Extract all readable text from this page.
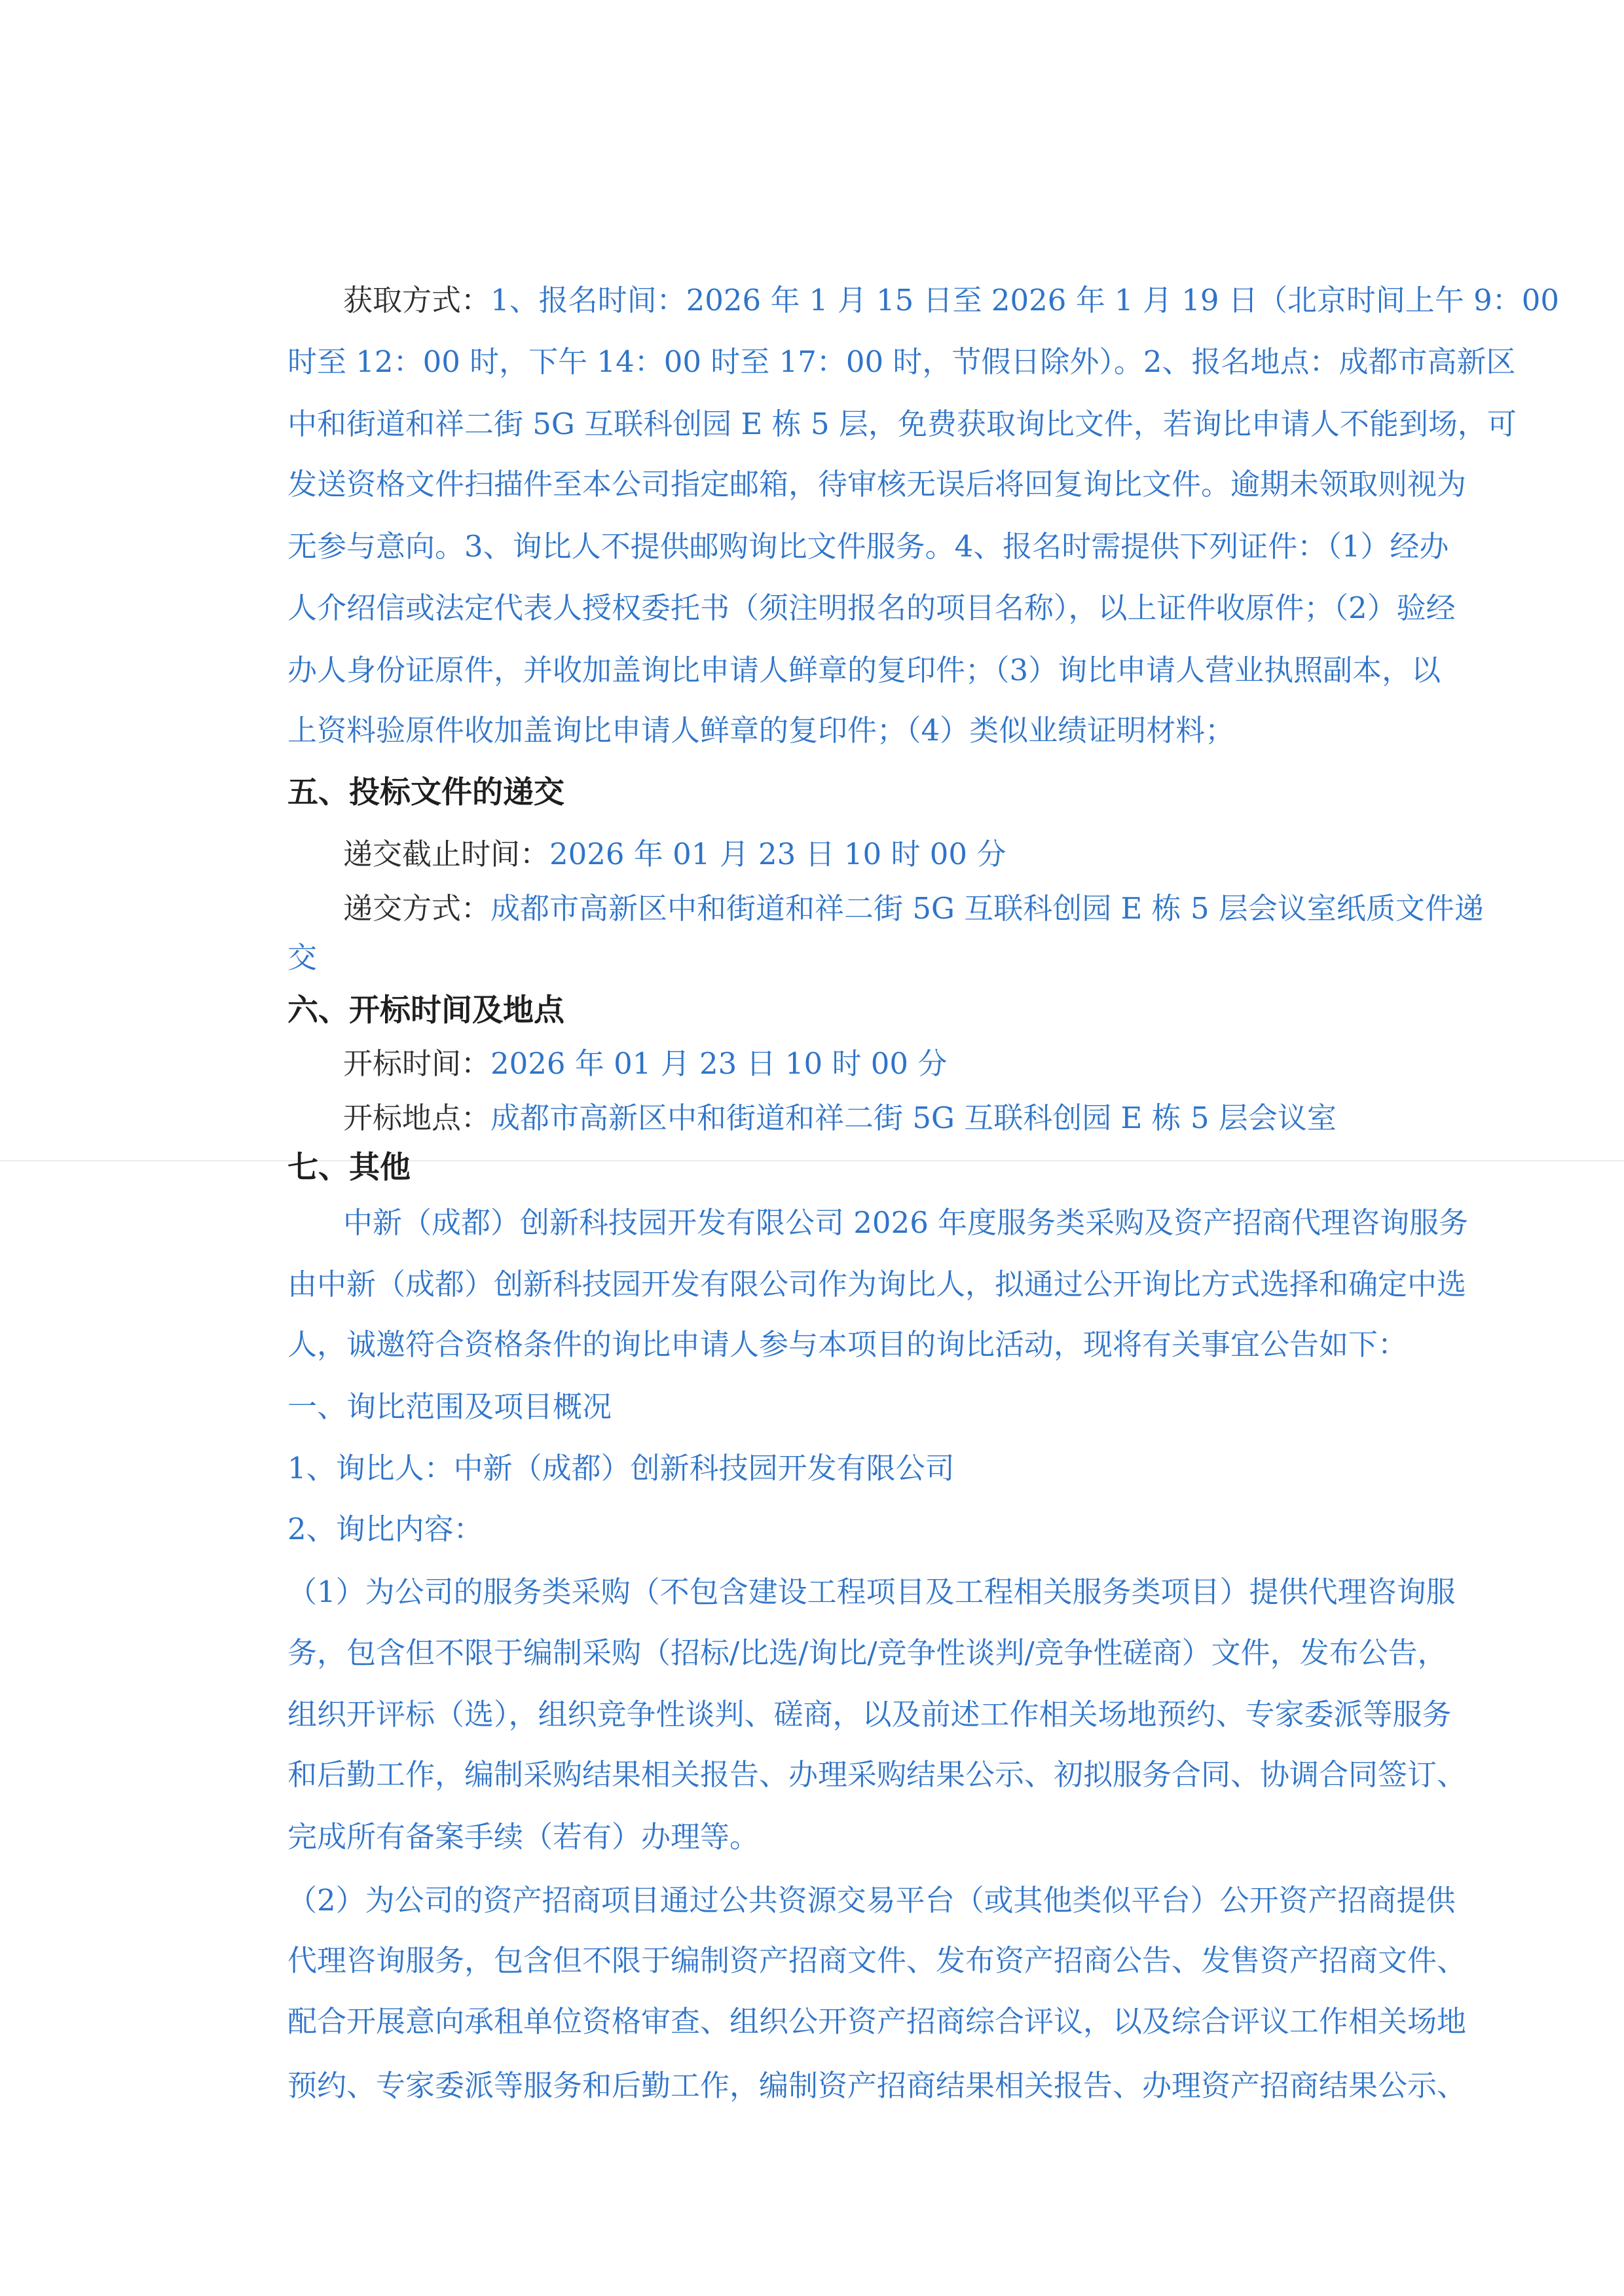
获取方式：1、报名时间：2026 年 1 月 15 日至 2026 年 1 月 19 日（北京时间上午 9：00
时至 12：00 时，下午 14：00 时至 17：00 时，节假日除外）。2、报名地点：成都市高新区
中和街道和祥二街 5G 互联科创园 E 栋 5 层，免费获取询比文件，若询比申请人不能到场，可
发送资格文件扫描件至本公司指定邮箱，待审核无误后将回复询比文件。逾期未领取则视为
无参与意向。3、询比人不提供邮购询比文件服务。4、报名时需提供下列证件：（1）经办
人介绍信或法定代表人授权委托书（须注明报名的项目名称），以上证件收原件；（2）验经
办人身份证原件，并收加盖询比申请人鲜章的复印件；（3）询比申请人营业执照副本，以
上资料验原件收加盖询比申请人鲜章的复印件；（4）类似业绩证明材料；
五、投标文件的递交
递交截止时间：2026 年 01 月 23 日 10 时 00 分
递交方式：成都市高新区中和街道和祥二街 5G 互联科创园 E 栋 5 层会议室纸质文件递
交
六、开标时间及地点
开标时间：2026 年 01 月 23 日 10 时 00 分
开标地点：成都市高新区中和街道和祥二街 5G 互联科创园 E 栋 5 层会议室
七、其他
中新（成都）创新科技园开发有限公司 2026 年度服务类采购及资产招商代理咨询服务
由中新（成都）创新科技园开发有限公司作为询比人，拟通过公开询比方式选择和确定中选
人，诚邀符合资格条件的询比申请人参与本项目的询比活动，现将有关事宜公告如下：
一、询比范围及项目概况
1、询比人：中新（成都）创新科技园开发有限公司
2、询比内容：
（1）为公司的服务类采购（不包含建设工程项目及工程相关服务类项目）提供代理咨询服
务，包含但不限于编制采购（招标/比选/询比/竞争性谈判/竞争性磋商）文件，发布公告，
组织开评标（选），组织竞争性谈判、磋商，以及前述工作相关场地预约、专家委派等服务
和后勤工作，编制采购结果相关报告、办理采购结果公示、初拟服务合同、协调合同签订、
完成所有备案手续（若有）办理等。
（2）为公司的资产招商项目通过公共资源交易平台（或其他类似平台）公开资产招商提供
代理咨询服务，包含但不限于编制资产招商文件、发布资产招商公告、发售资产招商文件、
配合开展意向承租单位资格审查、组织公开资产招商综合评议，以及综合评议工作相关场地
预约、专家委派等服务和后勤工作，编制资产招商结果相关报告、办理资产招商结果公示、
